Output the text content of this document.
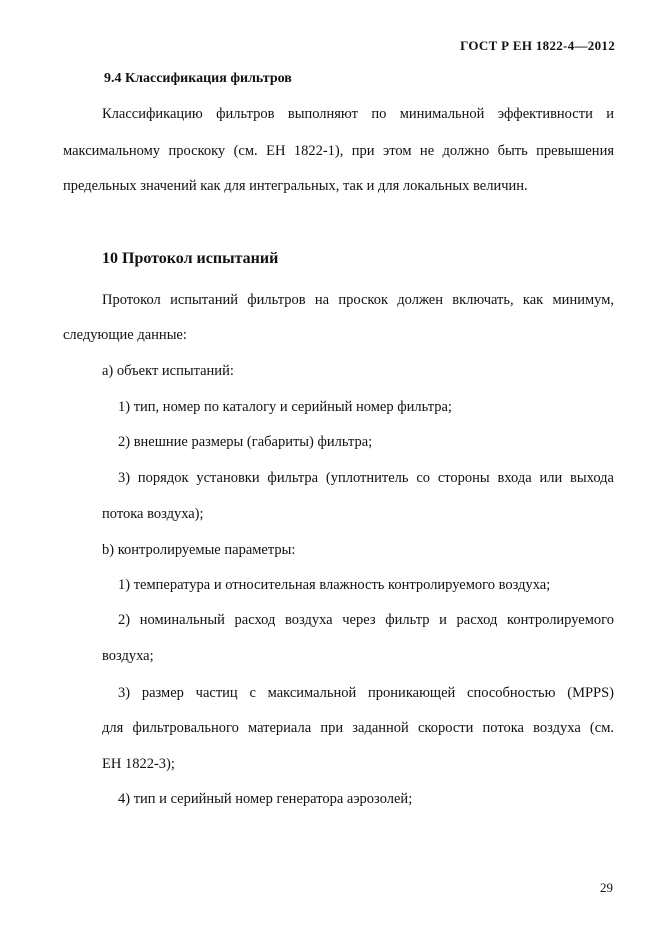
ГОСТ Р ЕН 1822-4—2012
9.4 Классификация фильтров
Классификацию фильтров выполняют по минимальной эффективности и
максимальному проскоку (см. ЕН 1822-1), при этом не должно быть превышения
предельных значений как для интегральных, так и для локальных величин.
10 Протокол испытаний
Протокол испытаний фильтров на проскок должен включать, как минимум,
следующие данные:
a) объект испытаний:
1) тип, номер по каталогу и серийный номер фильтра;
2) внешние размеры (габариты) фильтра;
3) порядок установки фильтра (уплотнитель со стороны входа или выхода
потока воздуха);
b) контролируемые параметры:
1) температура и относительная влажность контролируемого воздуха;
2) номинальный расход воздуха через фильтр и расход контролируемого
воздуха;
3) размер частиц с максимальной проникающей способностью (MPPS)
для фильтровального материала при заданной скорости потока воздуха (см.
ЕН 1822-3);
4) тип и серийный номер генератора аэрозолей;
29
